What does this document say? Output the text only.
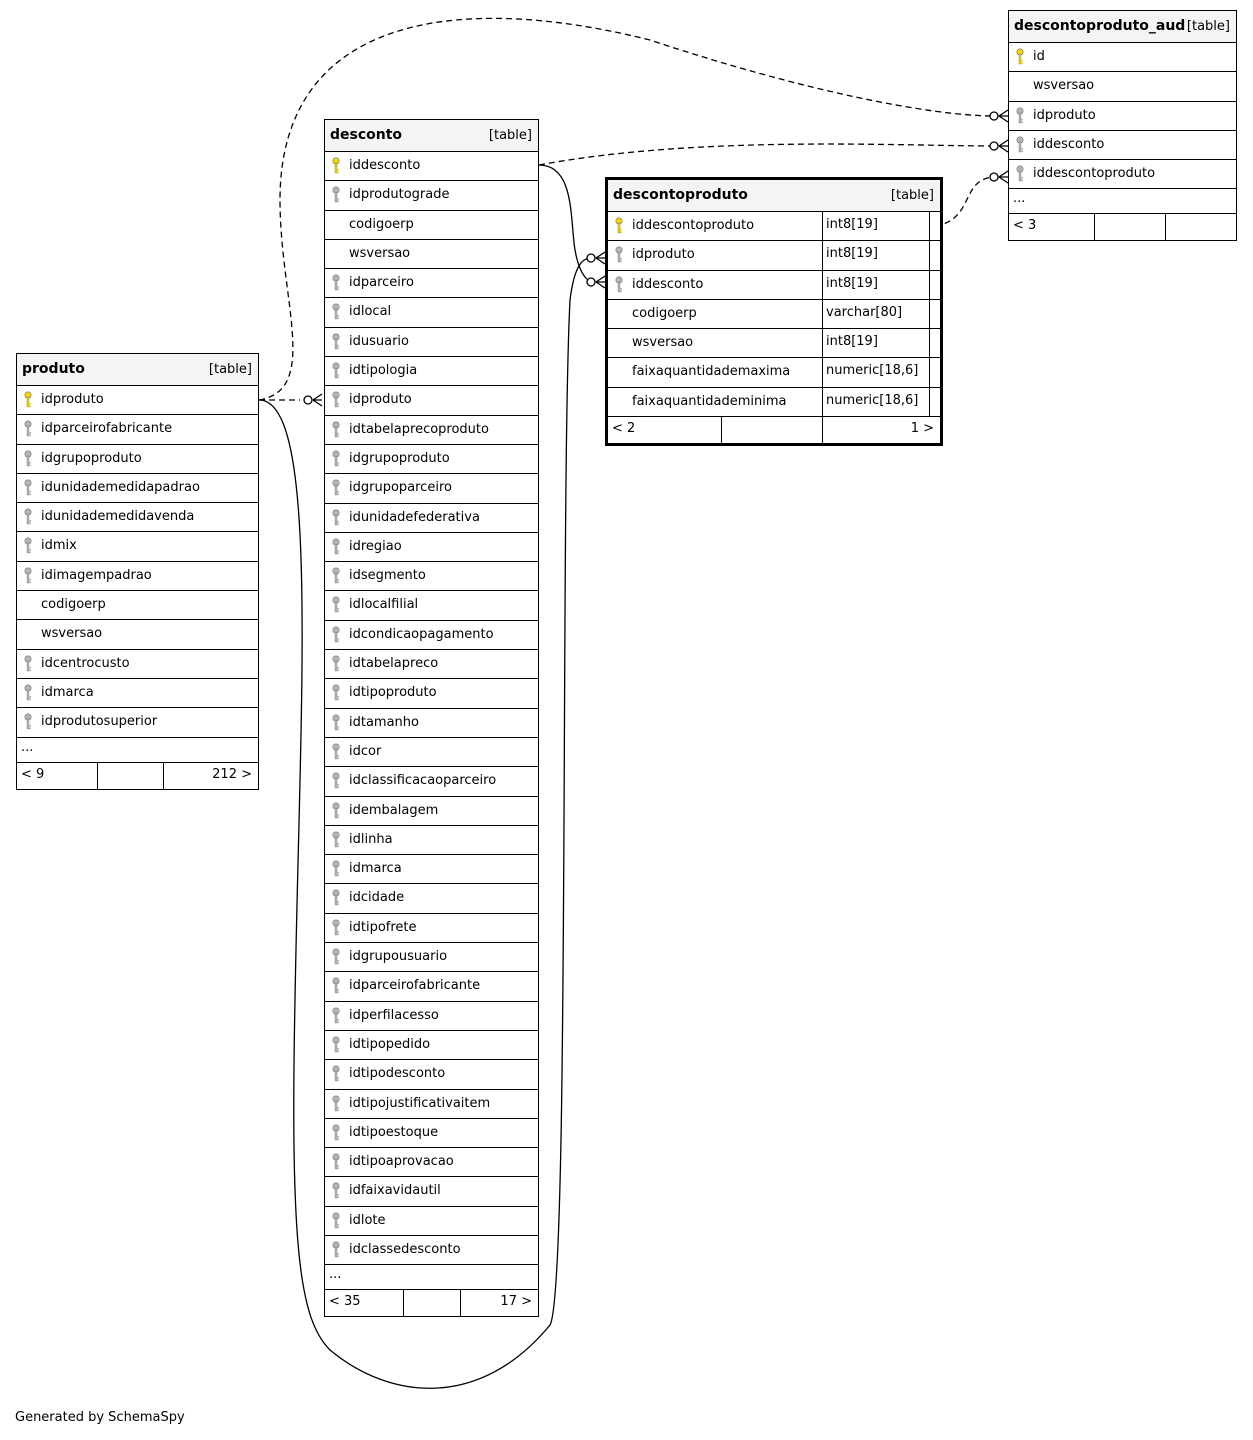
produto	[table]
idproduto
idparceirofabricante
idgrupoproduto
idunidademedidapadrao
idunidademedidavenda
idmix
idimagempadrao
codigoerp
wsversao
idcentrocusto
idmarca
idprodutosuperior
...
< 9	212 >
desconto	[table]
iddesconto
idprodutograde
codigoerp
wsversao
idparceiro
idlocal
idusuario
idtipologia
idproduto
idtabelaprecoproduto
idgrupoproduto
idgrupoparceiro
idunidadefederativa
idregiao
idsegmento
idlocalfilial
idcondicaopagamento
idtabelapreco
idtipoproduto
idtamanho
idcor
idclassificacaoparceiro
idembalagem
idlinha
idmarca
idcidade
idtipofrete
idgrupousuario
idparceirofabricante
idperfilacesso
idtipopedido
idtipodesconto
idtipojustificativaitem
idtipoestoque
idtipoaprovacao
idfaixavidautil
idlote
idclassedesconto
...
< 35	17 >
descontoproduto	[table]
iddescontoproduto	int8[19]
idproduto	int8[19]
iddesconto	int8[19]
codigoerp	varchar[80]
wsversao	int8[19]
faixaquantidademaxima	numeric[18,6]
faixaquantidademinima	numeric[18,6]
< 2	1 >
descontoproduto_aud [table]
id
wsversao
idproduto
iddesconto
iddescontoproduto
...
< 3
Generated by SchemaSpy
